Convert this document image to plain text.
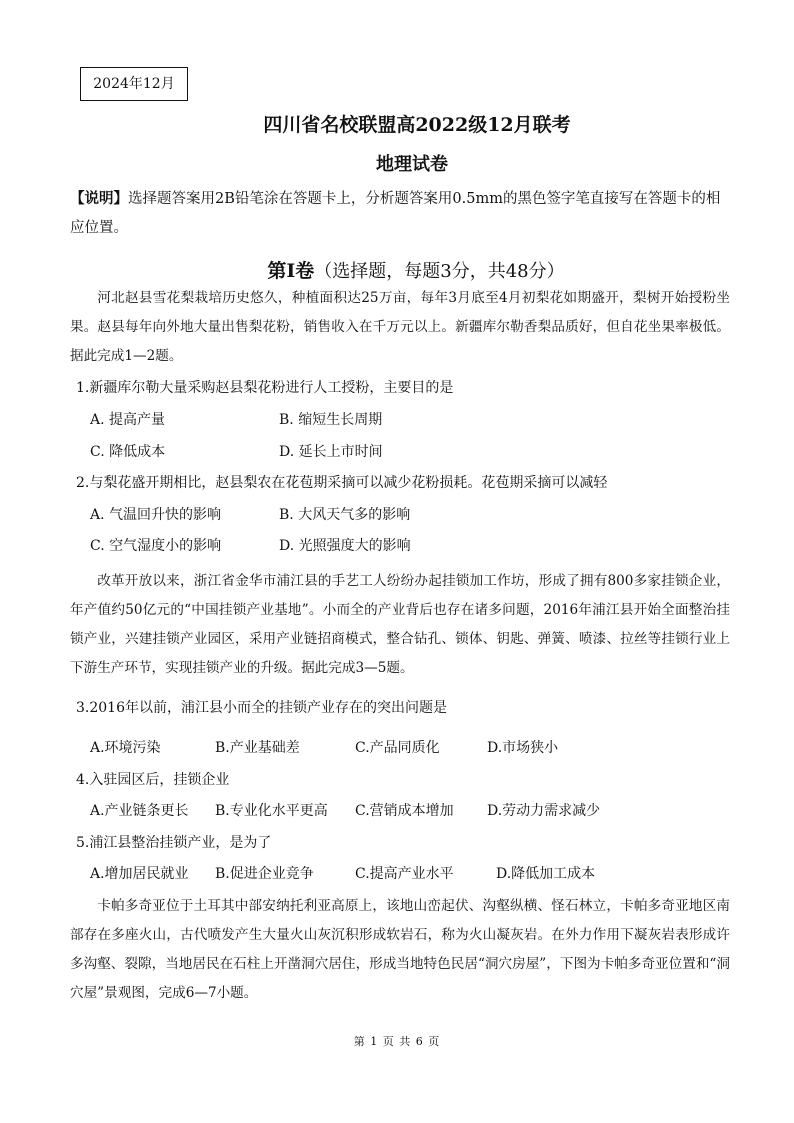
2024年12月
四川省名校联盟高2022级12月联考
地理试卷
【说明】选择题答案用2B铅笔涂在答题卡上，分析题答案用0.5mm的黑色签字笔直接写在答题卡的相应位置。
第Ⅰ卷（选择题，每题3分，共48分）
河北赵县雪花梨栽培历史悠久，种植面积达25万亩，每年3月底至4月初梨花如期盛开，梨树开始授粉坐果。赵县每年向外地大量出售梨花粉，销售收入在千万元以上。新疆库尔勒香梨品质好，但自花坐果率极低。据此完成1—2题。
1.新疆库尔勒大量采购赵县梨花粉进行人工授粉，主要目的是
A. 提高产量	B. 缩短生长周期
C. 降低成本	D. 延长上市时间
2.与梨花盛开期相比，赵县梨农在花苞期采摘可以减少花粉损耗。花苞期采摘可以减轻
A. 气温回升快的影响	B. 大风天气多的影响
C. 空气湿度小的影响	D. 光照强度大的影响
改革开放以来，浙江省金华市浦江县的手艺工人纷纷办起挂锁加工作坊，形成了拥有800多家挂锁企业，年产值约50亿元的“中国挂锁产业基地”。小而全的产业背后也存在诸多问题，2016年浦江县开始全面整治挂锁产业，兴建挂锁产业园区，采用产业链招商模式，整合钻孔、锁体、钥匙、弹簧、喷漆、拉丝等挂锁行业上下游生产环节，实现挂锁产业的升级。据此完成3—5题。
3.2016年以前，浦江县小而全的挂锁产业存在的突出问题是
A.环境污染	B.产业基础差	C.产品同质化	D.市场狭小
4.入驻园区后，挂锁企业
A.产业链条更长 B.专业化水平更高 C.营销成本增加 D.劳动力需求减少
5.浦江县整治挂锁产业，是为了
A.增加居民就业 B.促进企业竞争	C.提高产业水平	D.降低加工成本
卡帕多奇亚位于土耳其中部安纳托利亚高原上，该地山峦起伏、沟壑纵横、怪石林立，卡帕多奇亚地区南部存在多座火山，古代喷发产生大量火山灰沉积形成软岩石，称为火山凝灰岩。在外力作用下凝灰岩表形成许多沟壑、裂隙，当地居民在石柱上开凿洞穴居住，形成当地特色民居“洞穴房屋”，下图为卡帕多奇亚位置和“洞穴屋”景观图，完成6—7小题。
第 1 页 共 6 页
